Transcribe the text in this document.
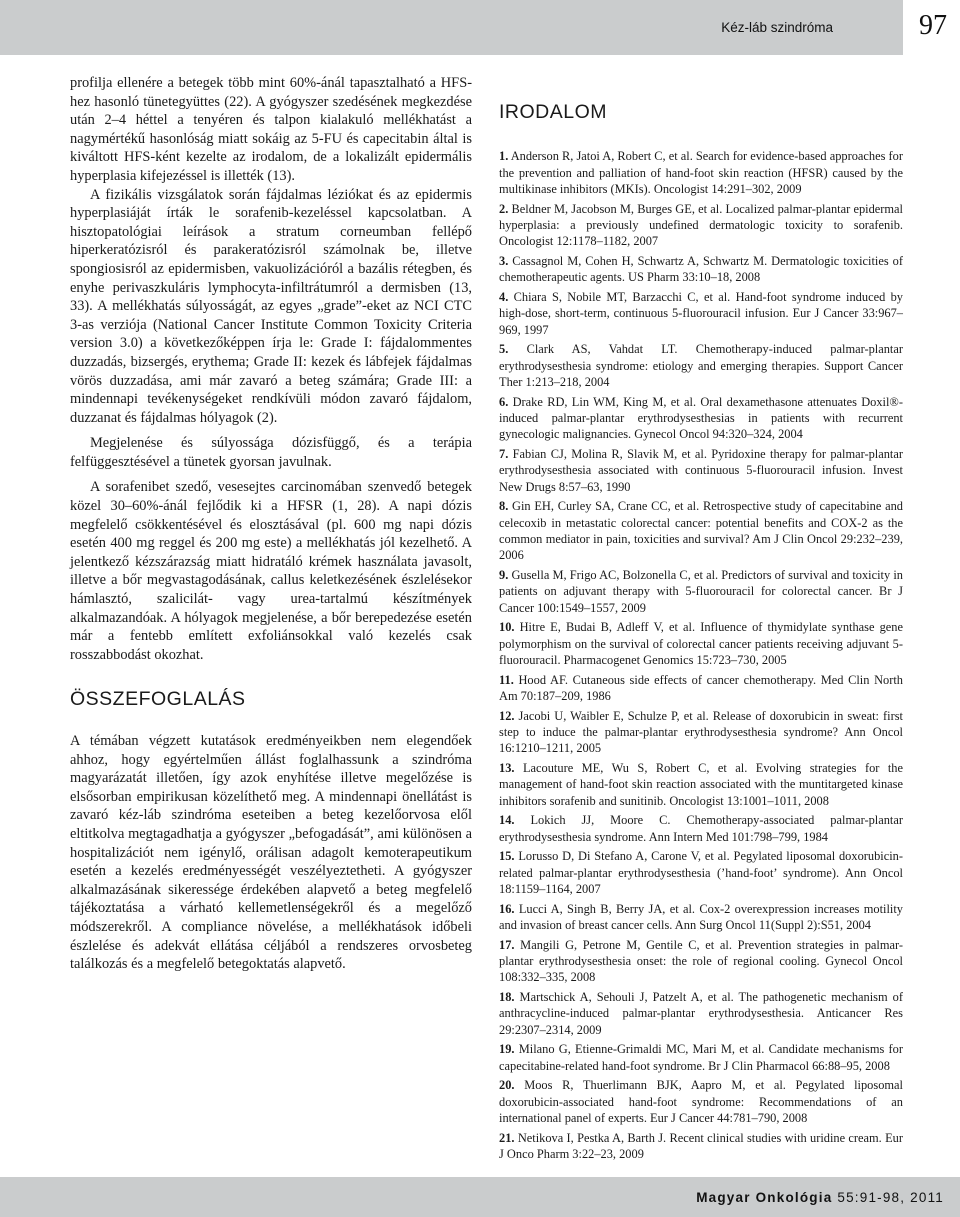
Kéz-láb szindróma	97

profilja ellenére a betegek több mint 60%-ánál tapasztalható a HFS-hez hasonló tünetegyüttes (22). A gyógyszer szedésének megkezdése után 2–4 héttel a tenyéren és talpon kialakuló mellékhatást a nagymértékű hasonlóság miatt sokáig az 5-FU és capecitabin által is kiváltott HFS-ként kezelte az irodalom, de a lokalizált epidermális hyperplasia kifejezéssel is illették (13).

A fizikális vizsgálatok során fájdalmas léziókat és az epidermis hyperplasiáját írták le sorafenib-kezeléssel kapcsolatban. A hisztopatológiai leírások a stratum corneumban fellépő hiperkeratózisról és parakeratózisról számolnak be, illetve spongiosisról az epidermisben, vakuolizációról a bazális rétegben, és enyhe perivaszkuláris lymphocyta-infiltrátumról a dermisben (13, 33). A mellékhatás súlyosságát, az egyes „grade”-eket az NCI CTC 3-as verziója (National Cancer Institute Common Toxicity Criteria version 3.0) a következőképpen írja le: Grade I: fájdalommentes duzzadás, bizsergés, erythema; Grade II: kezek és lábfejek fájdalmas vörös duzzadása, ami már zavaró a beteg számára; Grade III: a mindennapi tevékenységeket rendkívüli módon zavaró fájdalom, duzzanat és fájdalmas hólyagok (2).

Megjelenése és súlyossága dózisfüggő, és a terápia felfüggesztésével a tünetek gyorsan javulnak.

A sorafenibet szedő, vesesejtes carcinomában szenvedő betegek közel 30–60%-ánál fejlődik ki a HFSR (1, 28). A napi dózis megfelelő csökkentésével és elosztásával (pl. 600 mg napi dózis esetén 400 mg reggel és 200 mg este) a mellékhatás jól kezelhető. A jelentkező kézszárazság miatt hidratáló krémek használata javasolt, illetve a bőr megvastagodásának, callus keletkezésének észlelésekor hámlasztó, szalicilát- vagy urea-tartalmú készítmények alkalmazandóak. A hólyagok megjelenése, a bőr berepedezése esetén már a fentebb említett exfoliánsokkal való kezelés csak rosszabbodást okozhat.

ÖSSZEFOGLALÁS

A témában végzett kutatások eredményeikben nem elegendőek ahhoz, hogy egyértelműen állást foglalhassunk a szindróma magyarázatát illetően, így azok enyhítése illetve megelőzése is elsősorban empirikusan közelíthető meg. A mindennapi önellátást is zavaró kéz-láb szindróma eseteiben a beteg kezelőorvosa elől eltitkolva megtagadhatja a gyógyszer „befogadását”, ami különösen a hospitalizációt nem igénylő, orálisan adagolt kemoterapeutikum esetén a kezelés eredményességét veszélyeztetheti. A gyógyszer alkalmazásának sikeressége érdekében alapvető a beteg megfelelő tájékoztatása a várható kellemetlenségekről és a megelőző módszerekről. A compliance növelése, a mellékhatások időbeli észlelése és adekvát ellátása céljából a rendszeres orvosbeteg találkozás és a megfelelő betegoktatás alapvető.

IRODALOM
1. Anderson R, Jatoi A, Robert C, et al. Search for evidence-based approaches for the prevention and palliation of hand-foot skin reaction (HFSR) caused by the multikinase inhibitors (MKIs). Oncologist 14:291–302, 2009
2. Beldner M, Jacobson M, Burges GE, et al. Localized palmar-plantar epidermal hyperplasia: a previously undefined dermatologic toxicity to sorafenib. Oncologist 12:1178–1182, 2007
3. Cassagnol M, Cohen H, Schwartz A, Schwartz M. Dermatologic toxicities of chemotherapeutic agents. US Pharm 33:10–18, 2008
4. Chiara S, Nobile MT, Barzacchi C, et al. Hand-foot syndrome induced by high-dose, short-term, continuous 5-fluorouracil infusion. Eur J Cancer 33:967–969, 1997
5. Clark AS, Vahdat LT. Chemotherapy-induced palmar-plantar erythrodysesthesia syndrome: etiology and emerging therapies. Support Cancer Ther 1:213–218, 2004
6. Drake RD, Lin WM, King M, et al. Oral dexamethasone attenuates Doxil®-induced palmar-plantar erythrodysesthesias in patients with recurrent gynecologic malignancies. Gynecol Oncol 94:320–324, 2004
7. Fabian CJ, Molina R, Slavik M, et al. Pyridoxine therapy for palmar-plantar erythrodysesthesia associated with continuous 5-fluorouracil infusion. Invest New Drugs 8:57–63, 1990
8. Gin EH, Curley SA, Crane CC, et al. Retrospective study of capecitabine and celecoxib in metastatic colorectal cancer: potential benefits and COX-2 as the common mediator in pain, toxicities and survival? Am J Clin Oncol 29:232–239, 2006
9. Gusella M, Frigo AC, Bolzonella C, et al. Predictors of survival and toxicity in patients on adjuvant therapy with 5-fluorouracil for colorectal cancer. Br J Cancer 100:1549–1557, 2009
10. Hitre E, Budai B, Adleff V, et al. Influence of thymidylate synthase gene polymorphism on the survival of colorectal cancer patients receiving adjuvant 5-fluorouracil. Pharmacogenet Genomics 15:723–730, 2005
11. Hood AF. Cutaneous side effects of cancer chemotherapy. Med Clin North Am 70:187–209, 1986
12. Jacobi U, Waibler E, Schulze P, et al. Release of doxorubicin in sweat: first step to induce the palmar-plantar erythrodysesthesia syndrome? Ann Oncol 16:1210–1211, 2005
13. Lacouture ME, Wu S, Robert C, et al. Evolving strategies for the management of hand-foot skin reaction associated with the muntitargeted kinase inhibitors sorafenib and sunitinib. Oncologist 13:1001–1011, 2008
14. Lokich JJ, Moore C. Chemotherapy-associated palmar-plantar erythrodysesthesia syndrome. Ann Intern Med 101:798–799, 1984
15. Lorusso D, Di Stefano A, Carone V, et al. Pegylated liposomal doxorubicin-related palmar-plantar erythrodysesthesia (’hand-foot’ syndrome). Ann Oncol 18:1159–1164, 2007
16. Lucci A, Singh B, Berry JA, et al. Cox-2 overexpression increases motility and invasion of breast cancer cells. Ann Surg Oncol 11(Suppl 2):S51, 2004
17. Mangili G, Petrone M, Gentile C, et al. Prevention strategies in palmar-plantar erythrodysesthesia onset: the role of regional cooling. Gynecol Oncol 108:332–335, 2008
18. Martschick A, Sehouli J, Patzelt A, et al. The pathogenetic mechanism of anthracycline-induced palmar-plantar erythrodysesthesia. Anticancer Res 29:2307–2314, 2009
19. Milano G, Etienne-Grimaldi MC, Mari M, et al. Candidate mechanisms for capecitabine-related hand-foot syndrome. Br J Clin Pharmacol 66:88–95, 2008
20. Moos R, Thuerlimann BJK, Aapro M, et al. Pegylated liposomal doxorubicin-associated hand-foot syndrome: Recommendations of an international panel of experts. Eur J Cancer 44:781–790, 2008
21. Netikova I, Pestka A, Barth J. Recent clinical studies with uridine cream. Eur J Onco Pharm 3:22–23, 2009
Magyar Onkológia 55:91-98, 2011
